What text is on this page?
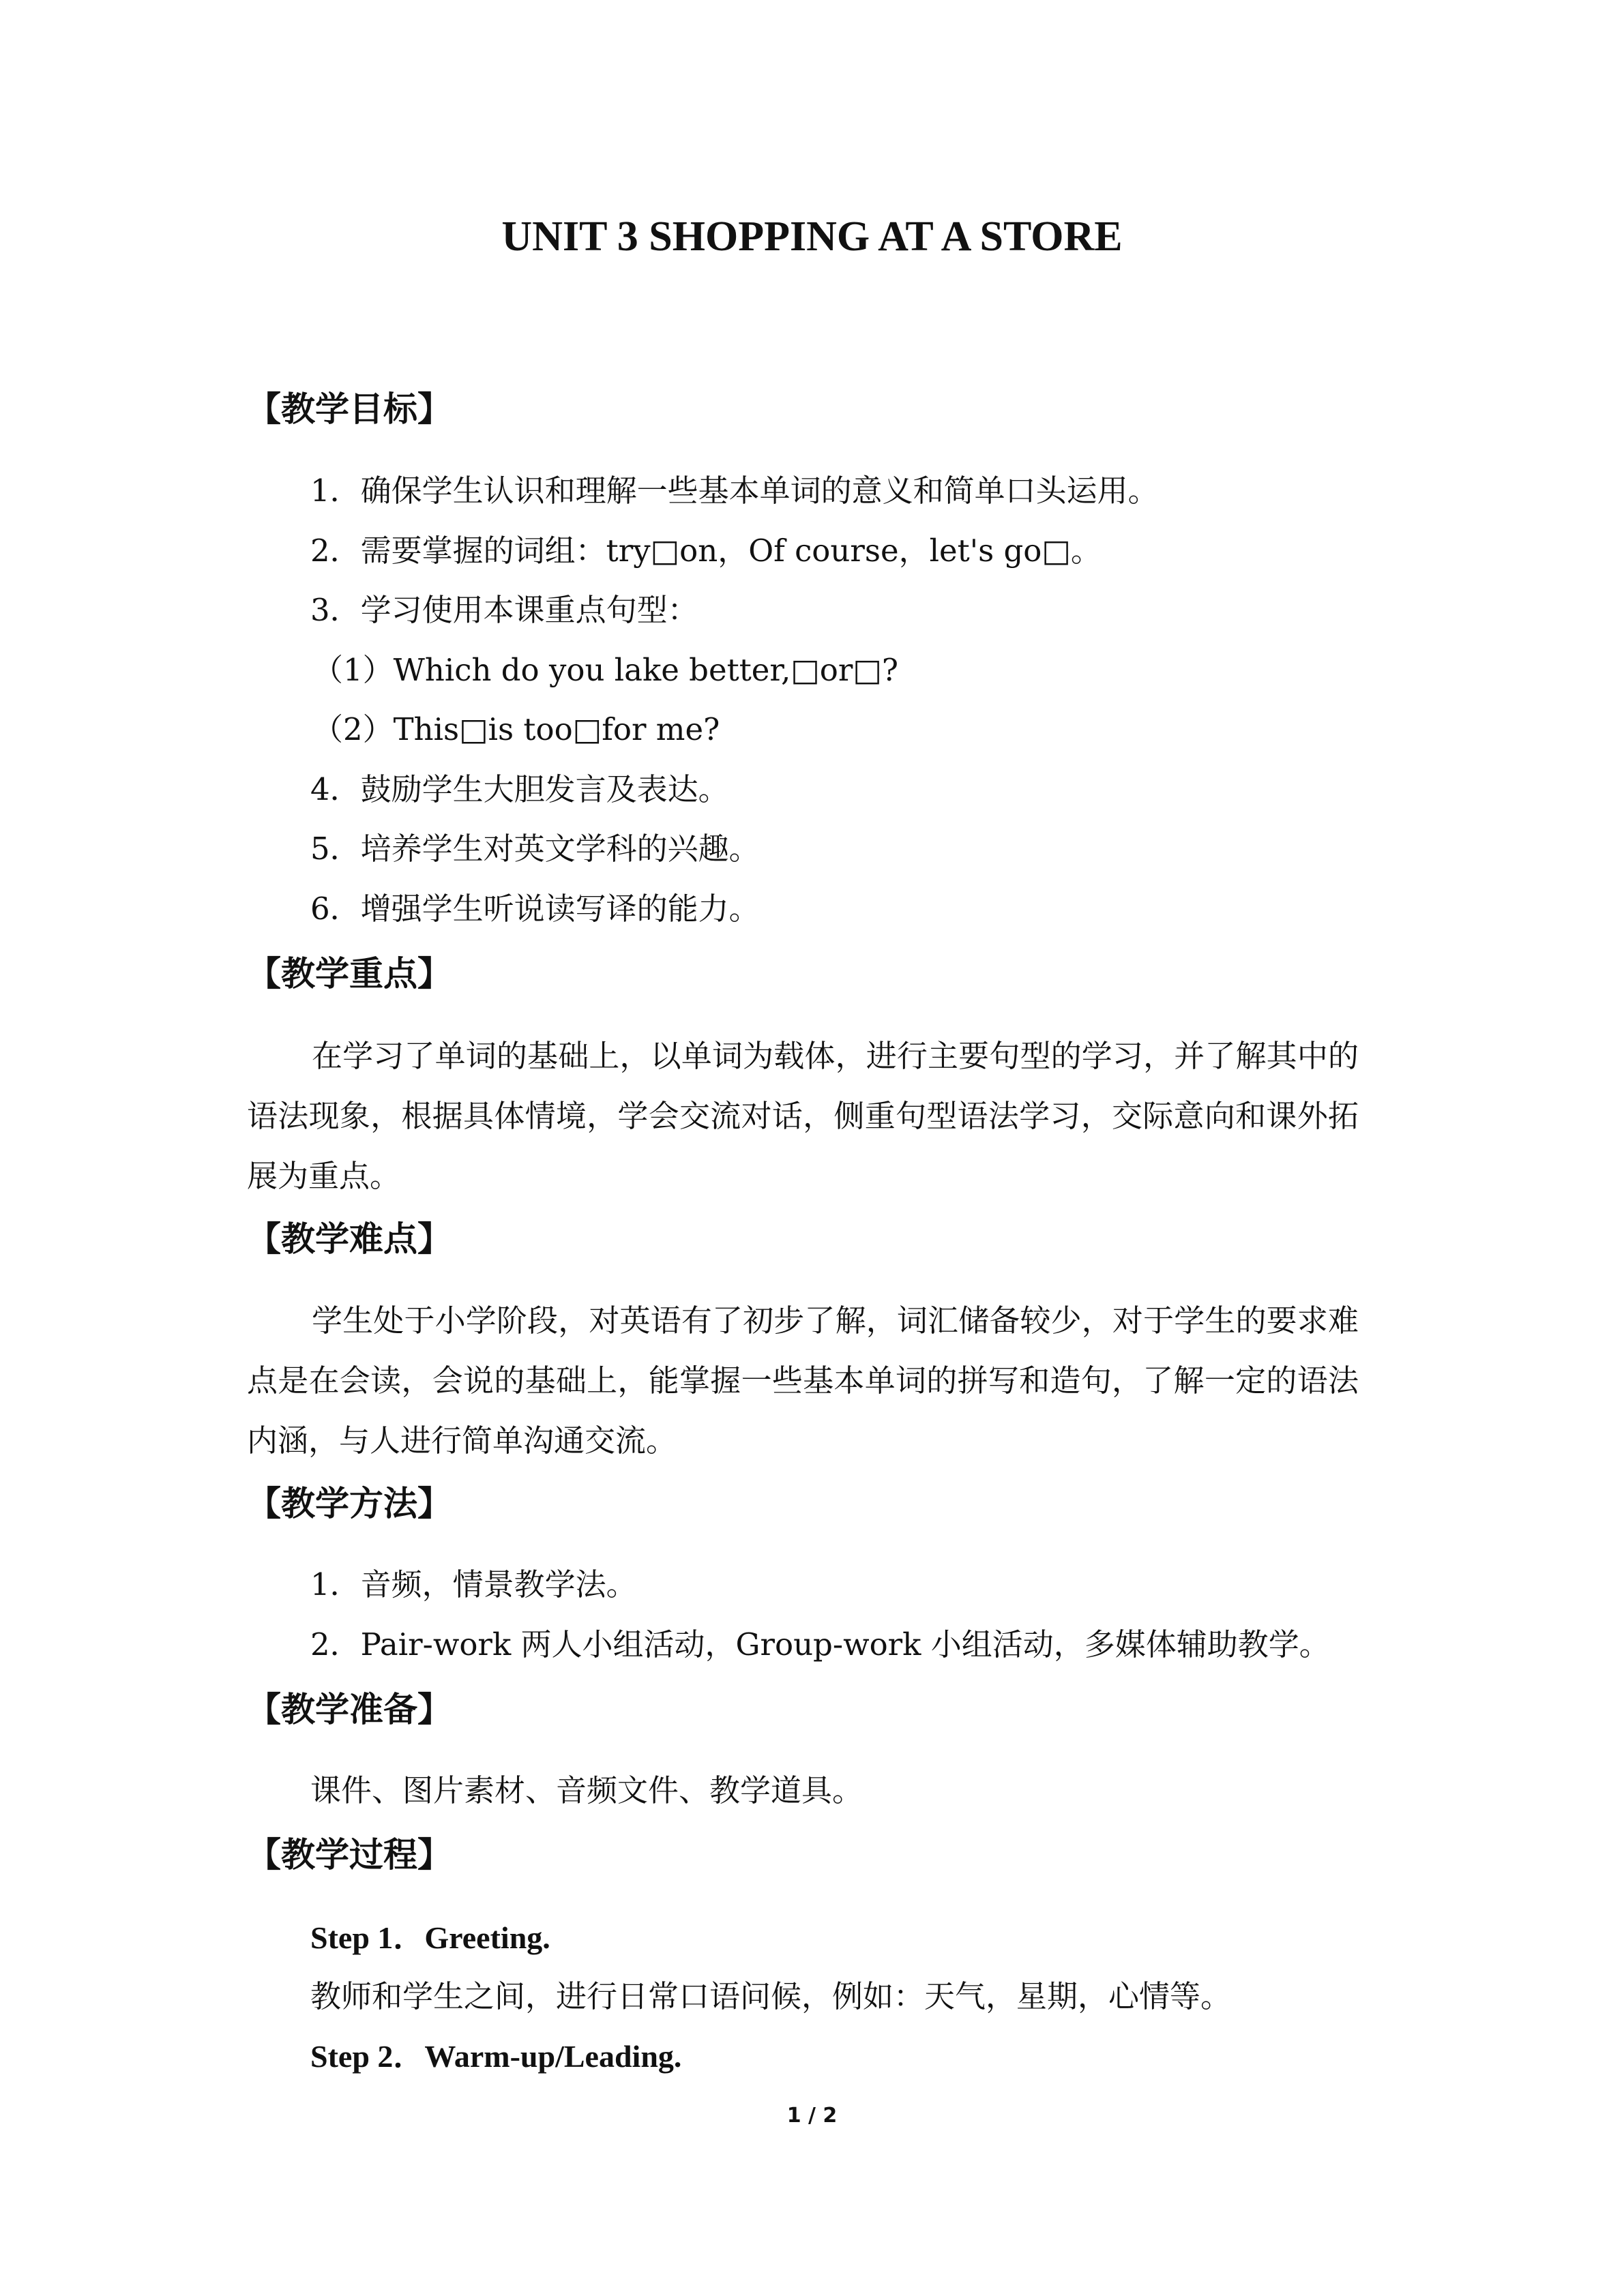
UNIT 3 SHOPPING AT A STORE
【教学目标】
1．确保学生认识和理解一些基本单词的意义和简单口头运用。
2．需要掌握的词组：try□on，Of course，let's go□。
3．学习使用本课重点句型：
（1）Which do you lake better,□or□?
（2）This□is too□for me?
4．鼓励学生大胆发言及表达。
5．培养学生对英文学科的兴趣。
6．增强学生听说读写译的能力。
【教学重点】
在学习了单词的基础上，以单词为载体，进行主要句型的学习，并了解其中的语法现象，根据具体情境，学会交流对话，侧重句型语法学习，交际意向和课外拓展为重点。
【教学难点】
学生处于小学阶段，对英语有了初步了解，词汇储备较少，对于学生的要求难点是在会读，会说的基础上，能掌握一些基本单词的拼写和造句，了解一定的语法内涵，与人进行简单沟通交流。
【教学方法】
1．音频，情景教学法。
2．Pair-work 两人小组活动，Group-work 小组活动，多媒体辅助教学。
【教学准备】
课件、图片素材、音频文件、教学道具。
【教学过程】
Step 1．Greeting.
教师和学生之间，进行日常口语问候，例如：天气，星期，心情等。
Step 2．Warm-up/Leading.
1 / 2
